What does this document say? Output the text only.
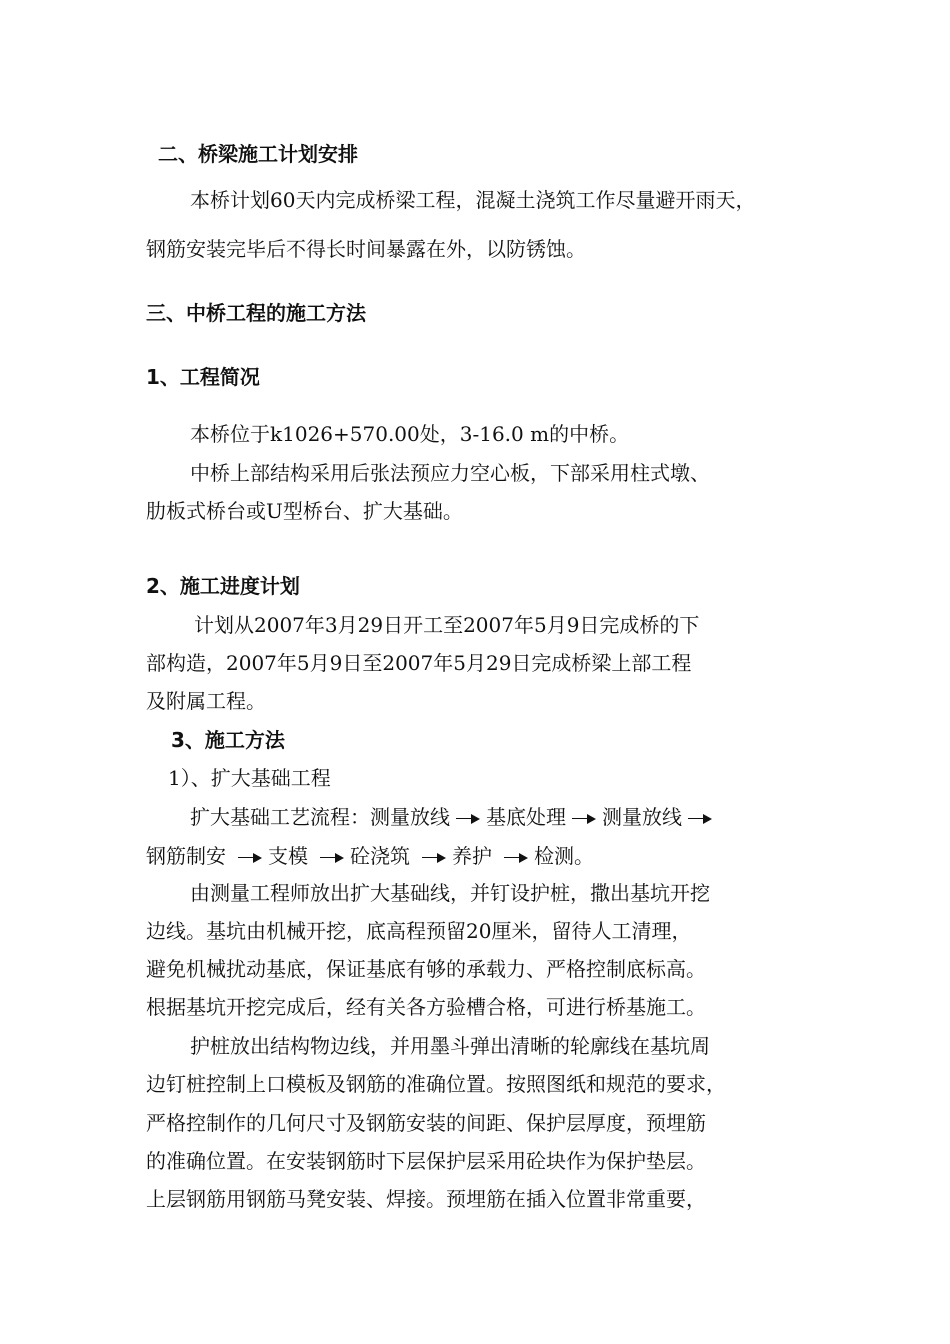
二、桥梁施工计划安排

本桥计划60天内完成桥梁工程，混凝土浇筑工作尽量避开雨天，

钢筋安装完毕后不得长时间暴露在外，以防锈蚀。

三、中桥工程的施工方法

1、工程简况

本桥位于k1026+570.00处，3-16.0 m的中桥。

中桥上部结构采用后张法预应力空心板，下部采用柱式墩、

肋板式桥台或U型桥台、扩大基础。

2、施工进度计划

计划从2007年3月29日开工至2007年5月9日完成桥的下

部构造，2007年5月9日至2007年5月29日完成桥梁上部工程

及附属工程。

3、施工方法

1）、扩大基础工程

扩大基础工艺流程：测量放线 基底处理 测量放线

钢筋制安 支模 砼浇筑 养护 检测。

由测量工程师放出扩大基础线，并钉设护桩，撒出基坑开挖

边线。基坑由机械开挖，底高程预留20厘米，留待人工清理，

避免机械扰动基底，保证基底有够的承载力、严格控制底标高。

根据基坑开挖完成后，经有关各方验槽合格，可进行桥基施工。

护桩放出结构物边线，并用墨斗弹出清晰的轮廓线在基坑周

边钉桩控制上口模板及钢筋的准确位置。按照图纸和规范的要求，

严格控制作的几何尺寸及钢筋安装的间距、保护层厚度，预埋筋

的准确位置。在安装钢筋时下层保护层采用砼块作为保护垫层。

上层钢筋用钢筋马凳安装、焊接。预埋筋在插入位置非常重要，
